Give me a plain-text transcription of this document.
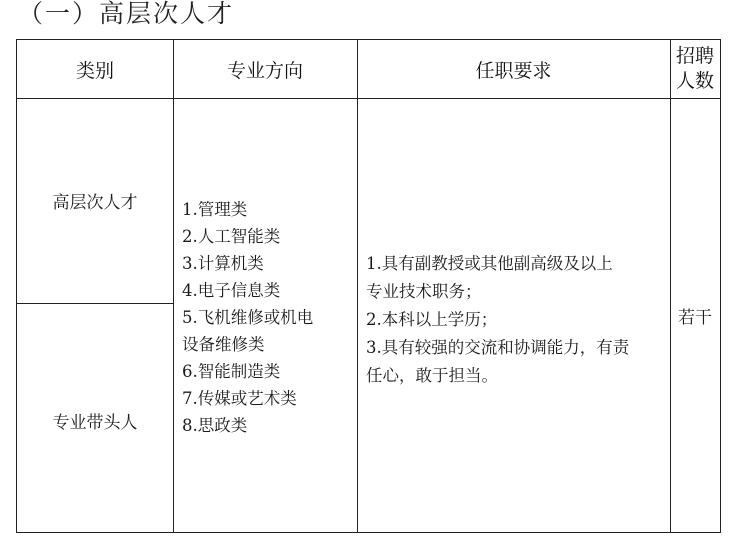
（一）高层次人才
类别	专业方向	任职要求
招聘
人数
高层次人才
专业带头人
1.管理类
2.人工智能类
3.计算机类
4.电子信息类
5.飞机维修或机电
设备维修类
6.智能制造类
7.传媒或艺术类
8.思政类
1.具有副教授或其他副高级及以上
专业技术职务；
2.本科以上学历；
3.具有较强的交流和协调能力，有责
任心，敢于担当。
若干
